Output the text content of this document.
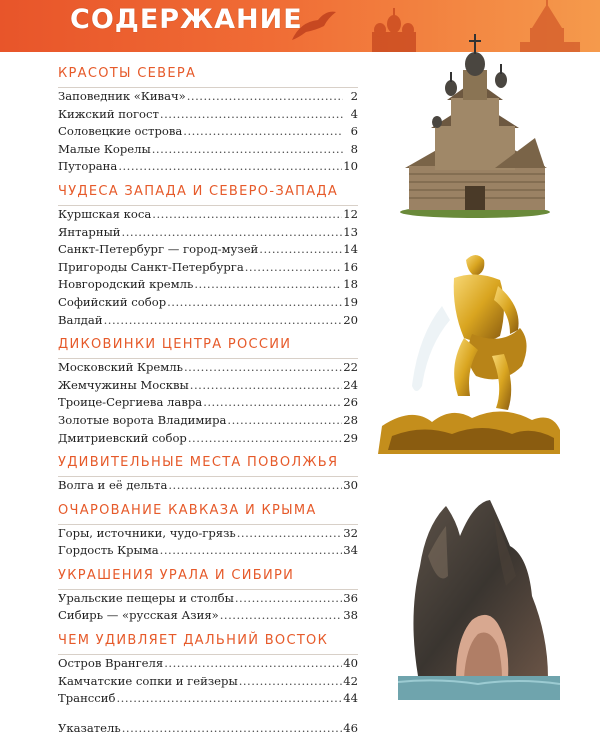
СОДЕРЖАНИЕ
КРАСОТЫ СЕВЕРА
Заповедник «Кивач» .....	2
Кижский погост .....	4
Соловецкие острова .....	6
Малые Корелы .....	8
Путорана .....	10
ЧУДЕСА ЗАПАДА И СЕВЕРО-ЗАПАДА
Куршская коса .....	12
Янтарный .....	13
Санкт-Петербург — город-музей .....	14
Пригороды Санкт-Петербурга .....	16
Новгородский кремль .....	18
Софийский собор .....	19
Валдай .....	20
ДИКОВИНКИ ЦЕНТРА РОССИИ
Московский Кремль .....	22
Жемчужины Москвы .....	24
Троице-Сергиева лавра .....	26
Золотые ворота Владимира .....	28
Дмитриевский собор .....	29
УДИВИТЕЛЬНЫЕ МЕСТА ПОВОЛЖЬЯ
Волга и её дельта .....	30
ОЧАРОВАНИЕ КАВКАЗА И КРЫМА
Горы, источники, чудо-грязь .....	32
Гордость Крыма .....	34
УКРАШЕНИЯ УРАЛА И СИБИРИ
Уральские пещеры и столбы .....	36
Сибирь — «русская Азия» .....	38
ЧЕМ УДИВЛЯЕТ ДАЛЬНИЙ ВОСТОК
Остров Врангеля .....	40
Камчатские сопки и гейзеры .....	42
Транссиб .....	44
Указатель .....	46
